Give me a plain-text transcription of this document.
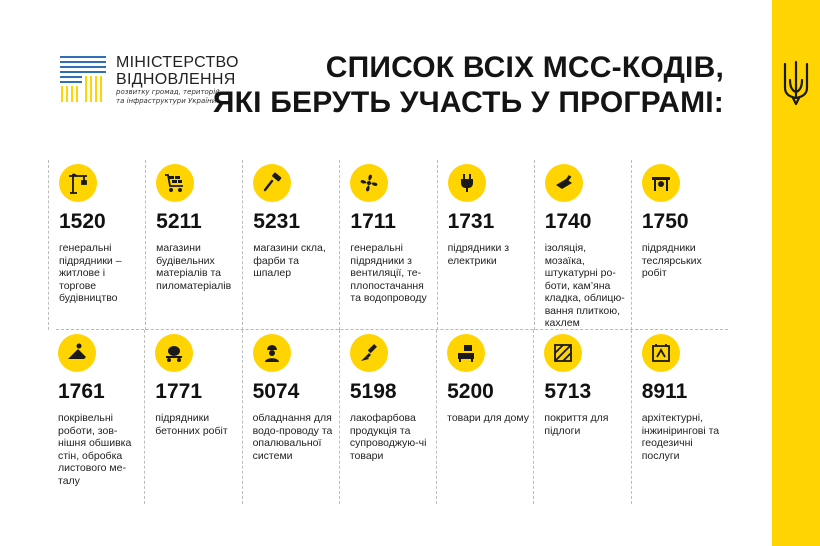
МІНІСТЕРСТВО
ВІДНОВЛЕННЯ
розвитку громад, територій
та інфраструктури України
СПИСОК ВСІХ MCC-КОДІВ,
ЯКІ БЕРУТЬ УЧАСТЬ У ПРОГРАМІ:
1520
генеральні підрядники – житлове і торгове будівництво
5211
магазини будівельних матеріалів та пиломатеріалів
5231
магазини скла, фарби та шпалер
1711
генеральні підрядники з вентиляції, те-плопостачання та водопроводу
1731
підрядники з електрики
1740
ізоляція, мозаїка, штукатурні ро-боти, кам’яна кладка, облицю-вання плиткою, кахлем
1750
підрядники теслярських робіт
1761
покрівельні роботи, зов-нішня обшивка стін, обробка листового ме-талу
1771
підрядники бетонних робіт
5074
обладнання для водо-проводу та опалювальної системи
5198
лакофарбова продукція та супроводжую-чі товари
5200
товари для дому
5713
покриття для підлоги
8911
архітектурні, інжинірингові та геодезичні послуги
